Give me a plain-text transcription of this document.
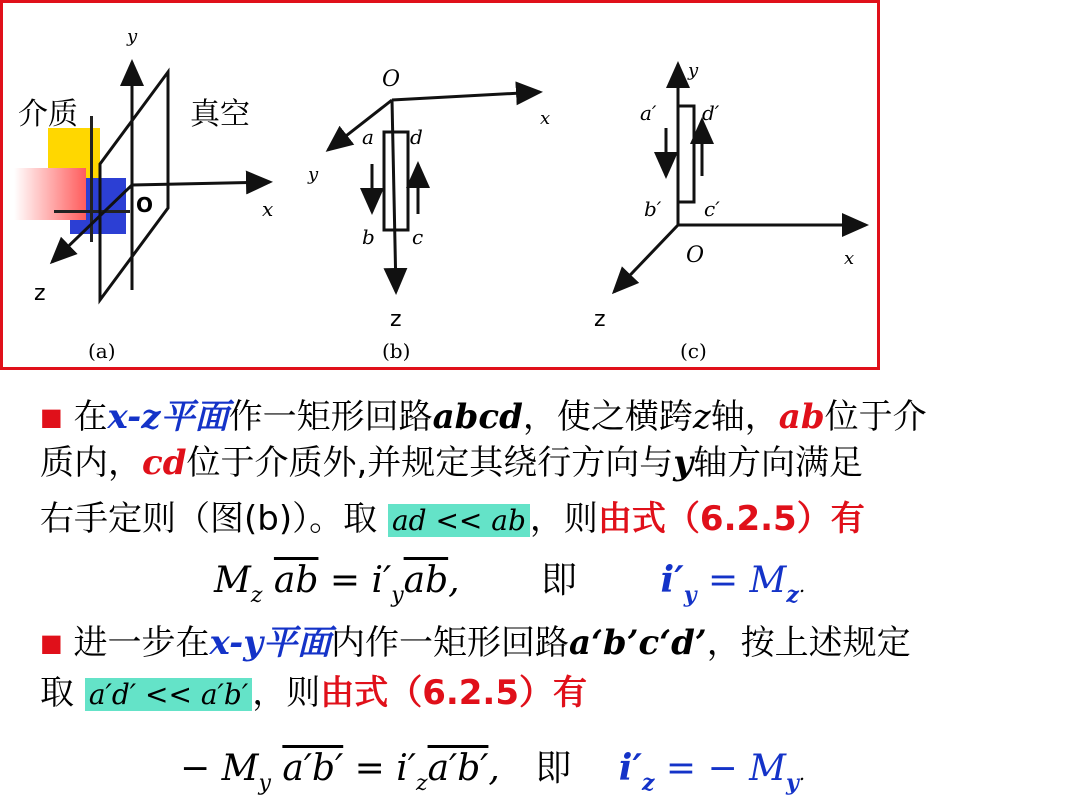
y
x
z
O
介质	真空
(a)
O
x
y
z
a d
b c
(b)
y
a′ d′
b′ c′
O	x
z
(c)
■ 在x-z平面作一矩形回路abcd，使之横跨z轴，ab位于介
质内，cd位于介质外,并规定其绕行方向与y轴方向满足
右手定则（图(b)）。取 ad << ab ，则由式（6.2.5）有
$M_z$ $\overline{ab} = i'_y\overline{ab}$, 即 $i'_y = M_z$.
■ 进一步在x-y平面内作一矩形回路a‘b’c‘d’，按上述规定
取 a′d′ << a′b′ ，则由式（6.2.5）有
− $M_y$ $a'b' = i'_za'b'$, 即 $i'_z$ = − $M_y$.
